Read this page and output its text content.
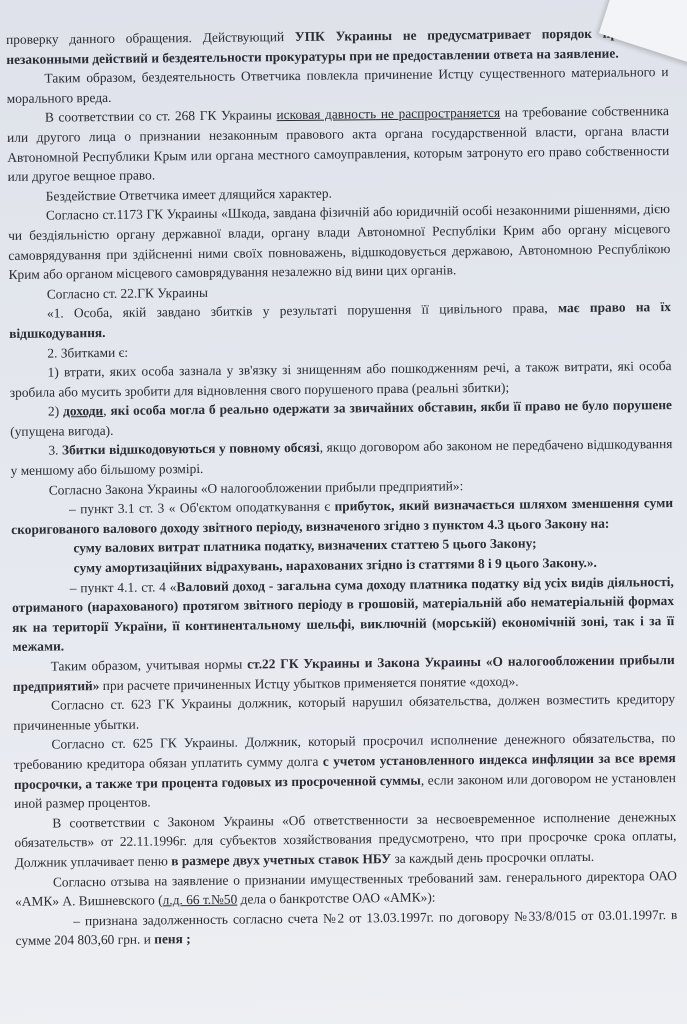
проверку данного обращения. Действующий УПК Украины не предусматривает порядок незаконными действий и бездеятельности прокуратуры при не предоставлении ответа на заявление.

Таким образом, бездеятельность Ответчика повлекла причинение Истцу существенного материального и морального вреда.

В соответствии со ст. 268 ГК Украины исковая давность не распространяется на требование собственника или другого лица о признании незаконным правового акта органа государственной власти, органа власти Автономной Республики Крым или органа местного самоуправления, которым затронуто его право собственности или другое вещное право.

Бездействие Ответчика имеет длящийся характер.

Согласно ст.1173 ГК Украины «Шкода, завдана фізичній або юридичній особі незаконними рішеннями, дією чи бездіяльністю органу державної влади, органу влади Автономної Республіки Крим або органу місцевого самоврядування при здійсненні ними своїх повноважень, відшкодовується державою, Автономною Республікою Крим або органом місцевого самоврядування незалежно від вини цих органів.

Согласно ст. 22.ГК Украины

«1. Особа, якій завдано збитків у результаті порушення її цивільного права, має право на їх відшкодування.

2. Збитками є:

1) втрати, яких особа зазнала у зв'язку зі знищенням або пошкодженням речі, а також витрати, які особа зробила або мусить зробити для відновлення свого порушеного права (реальні збитки);

2) доходи, які особа могла б реально одержати за звичайних обставин, якби її право не було порушене (упущена вигода).

3. Збитки відшкодовуються у повному обсязі, якщо договором або законом не передбачено відшкодування у меншому або більшому розмірі.

Согласно Закона Украины «О налогообложении прибыли предприятий»:

– пункт 3.1 ст. 3 « Об'єктом оподаткування є прибуток, який визначається шляхом зменшення суми скоригованого валового доходу звітного періоду, визначеного згідно з пунктом 4.3 цього Закону на:

суму валових витрат платника податку, визначених статтею 5 цього Закону;

суму амортизаційних відрахувань, нарахованих згідно із статтями 8 і 9 цього Закону.».

– пункт 4.1. ст. 4 «Валовий доход - загальна сума доходу платника податку від усіх видів діяльності, отриманого (нарахованого) протягом звітного періоду в грошовій, матеріальній або нематеріальній формах як на території України, її континентальному шельфі, виключній (морській) економічній зоні, так і за її межами.

Таким образом, учитывая нормы ст.22 ГК Украины и Закона Украины «О налогообложении прибыли предприятий» при расчете причиненных Истцу убытков применяется понятие «доход».

Согласно ст. 623 ГК Украины должник, который нарушил обязательства, должен возместить кредитору причиненные убытки.

Согласно ст. 625 ГК Украины. Должник, который просрочил исполнение денежного обязательства, по требованию кредитора обязан уплатить сумму долга с учетом установленного индекса инфляции за все время просрочки, а также три процента годовых из просроченной суммы, если законом или договором не установлен иной размер процентов.

В соответствии с Законом Украины «Об ответственности за несвоевременное исполнение денежных обязательств» от 22.11.1996г. для субъектов хозяйствования предусмотрено, что при просрочке срока оплаты, Должник уплачивает пеню в размере двух учетных ставок НБУ за каждый день просрочки оплаты.

Согласно отзыва на заявление о признании имущественных требований зам. генерального директора ОАО «АМК» А. Вишневского (л.д. 66 т.№50 дела о банкротстве ОАО «АМК»):

– признана задолженность согласно счета №2 от 13.03.1997г. по договору №33/8/015 от 03.01.1997г. в сумме 204 803,60 грн. и пеня ;
